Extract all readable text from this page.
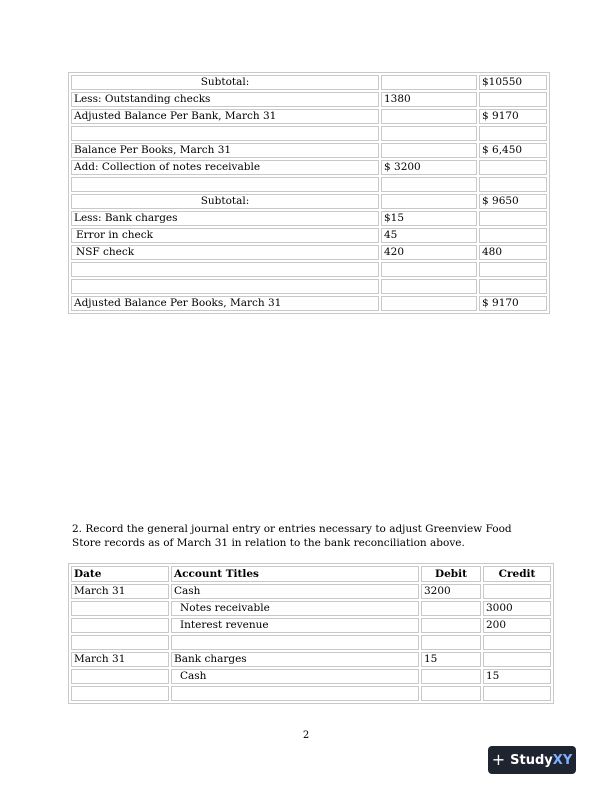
Subtotal:		$10550
Less: Outstanding checks	1380	
Adjusted Balance Per Bank, March 31		$ 9170

Balance Per Books, March 31		$ 6,450
Add: Collection of notes receivable	$ 3200	

Subtotal:		$ 9650
Less: Bank charges	$15	
Error in check	45	
NSF check	420	480

Adjusted Balance Per Books, March 31		$ 9170

2. Record the general journal entry or entries necessary to adjust Greenview Food Store records as of March 31 in relation to the bank reconciliation above.

Date	Account Titles	Debit	Credit
March 31	Cash	3200	
	Notes receivable		3000
	Interest revenue		200

March 31	Bank charges	15	
	Cash		15

2
+ StudyXY
